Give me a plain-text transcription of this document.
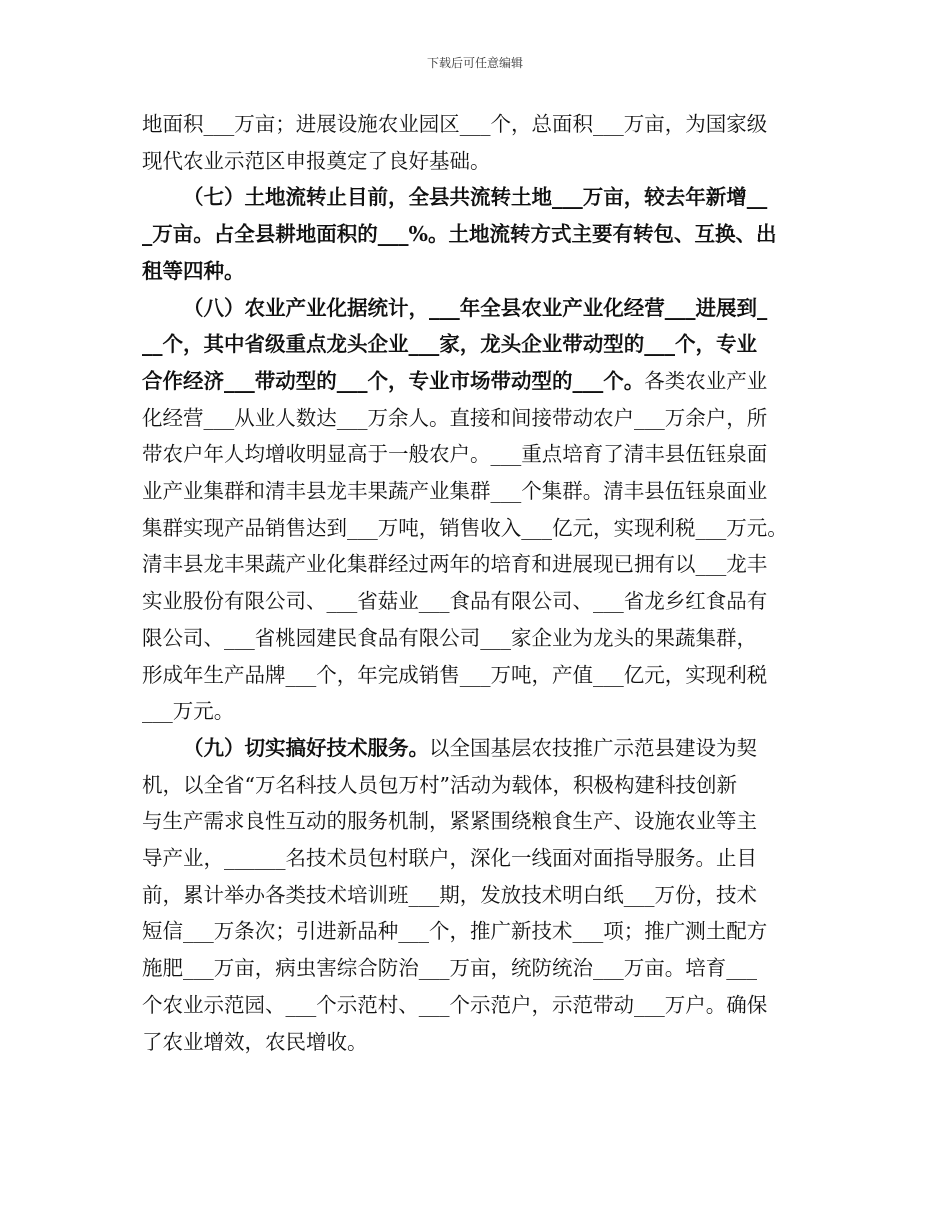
下载后可任意编辑
地面积___万亩；进展设施农业园区___个，总面积___万亩，为国家级
现代农业示范区申报奠定了良好基础。
（七）土地流转止目前，全县共流转土地___万亩，较去年新增__
_万亩。占全县耕地面积的___%。土地流转方式主要有转包、互换、出
租等四种。
（八）农业产业化据统计，___年全县农业产业化经营___进展到_
__个，其中省级重点龙头企业___家，龙头企业带动型的___个，专业
合作经济___带动型的___个，专业市场带动型的___个。各类农业产业
化经营___从业人数达___万余人。直接和间接带动农户___万余户，所
带农户年人均增收明显高于一般农户。___重点培育了清丰县伍钰泉面
业产业集群和清丰县龙丰果蔬产业集群___个集群。清丰县伍钰泉面业
集群实现产品销售达到___万吨，销售收入___亿元，实现利税___万元。
清丰县龙丰果蔬产业化集群经过两年的培育和进展现已拥有以___龙丰
实业股份有限公司、___省菇业___食品有限公司、___省龙乡红食品有
限公司、___省桃园建民食品有限公司___家企业为龙头的果蔬集群，
形成年生产品牌___个，年完成销售___万吨，产值___亿元，实现利税
___万元。
（九）切实搞好技术服务。以全国基层农技推广示范县建设为契
机，以全省“万名科技人员包万村”活动为载体，积极构建科技创新
与生产需求良性互动的服务机制，紧紧围绕粮食生产、设施农业等主
导产业，______名技术员包村联户，深化一线面对面指导服务。止目
前，累计举办各类技术培训班___期，发放技术明白纸___万份，技术
短信___万条次；引进新品种___个，推广新技术___项；推广测土配方
施肥___万亩，病虫害综合防治___万亩，统防统治___万亩。培育___
个农业示范园、___个示范村、___个示范户，示范带动___万户。确保
了农业增效，农民增收。
